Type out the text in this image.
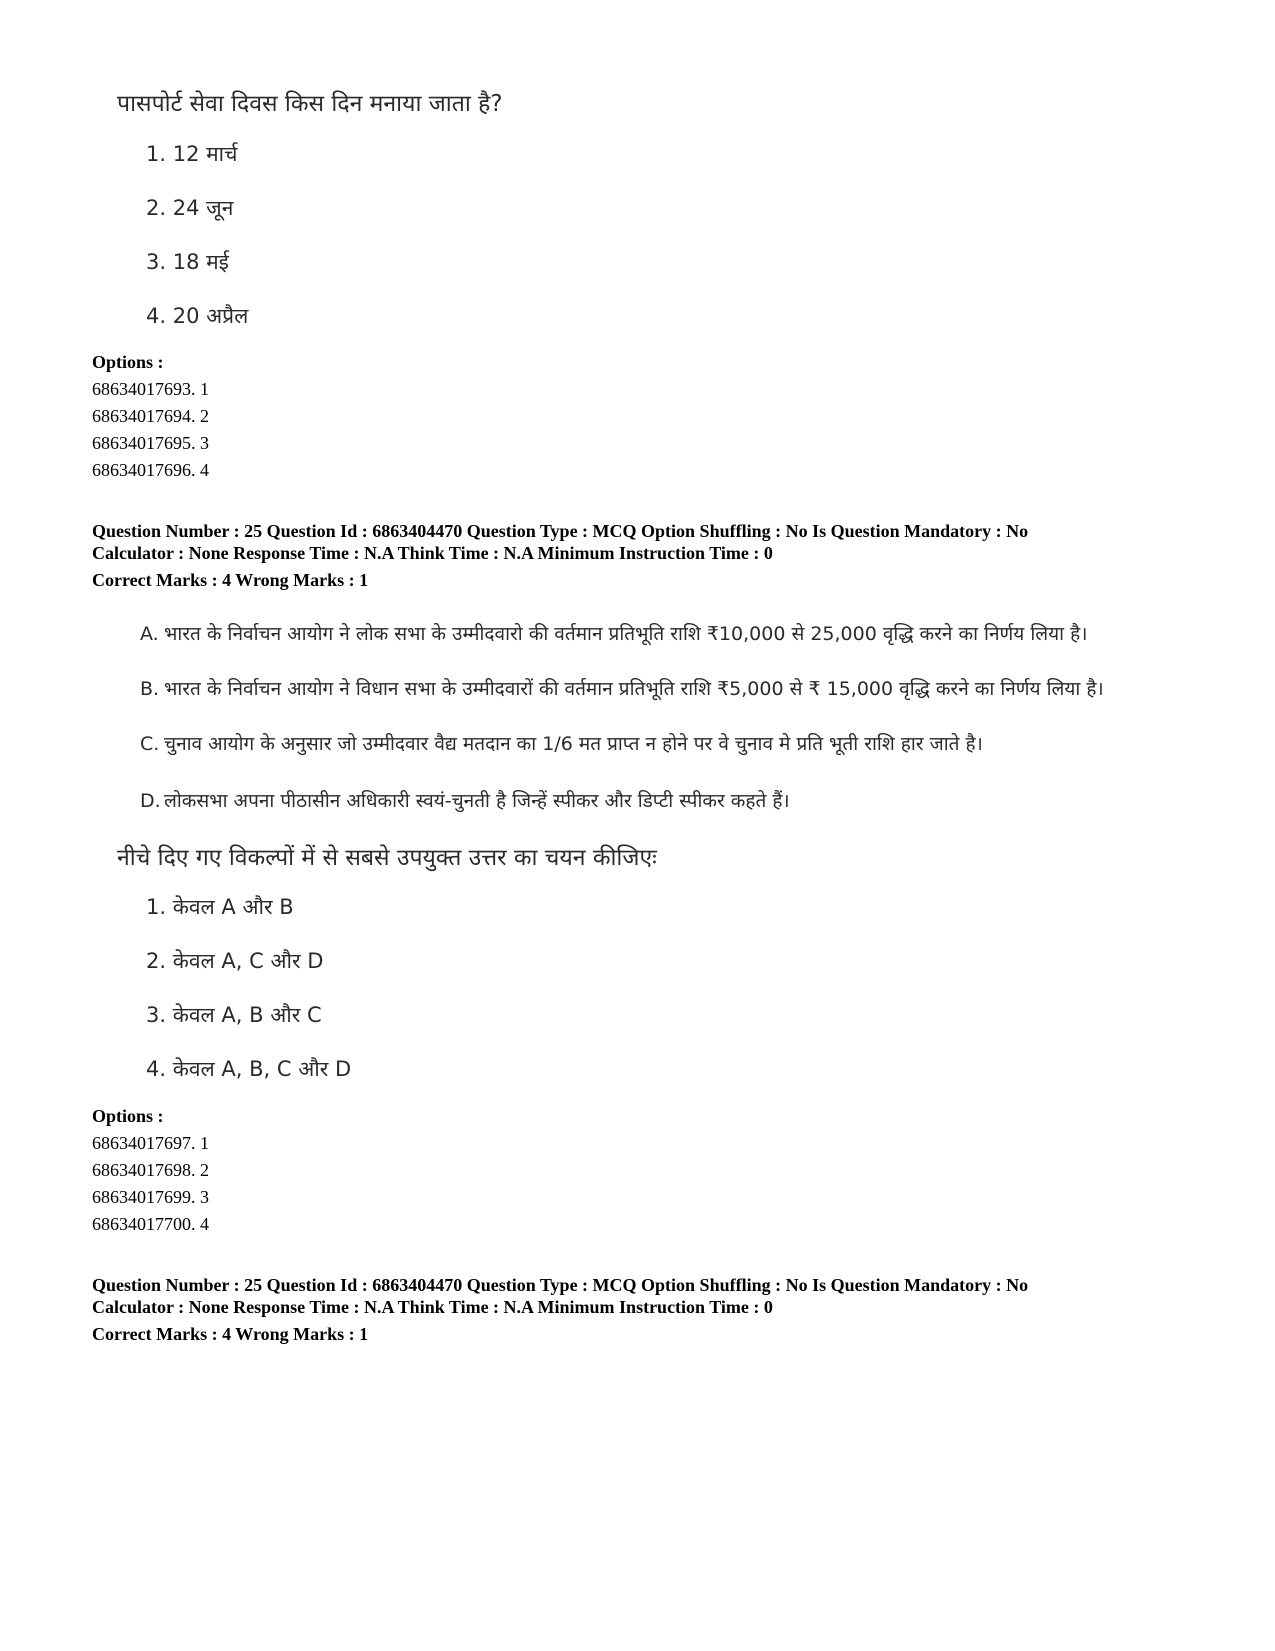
पासपोर्ट सेवा दिवस किस दिन मनाया जाता है?
1. 12 मार्च
2. 24 जून
3. 18 मई
4. 20 अप्रैल
Options :
68634017693. 1
68634017694. 2
68634017695. 3
68634017696. 4
Question Number : 25 Question Id : 6863404470 Question Type : MCQ Option Shuffling : No Is Question Mandatory : No
Calculator : None Response Time : N.A Think Time : N.A Minimum Instruction Time : 0
Correct Marks : 4 Wrong Marks : 1
A. भारत के निर्वाचन आयोग ने लोक सभा के उम्मीदवारो की वर्तमान प्रतिभूति राशि ₹10,000 से 25,000 वृद्धि करने का निर्णय लिया है।
B. भारत के निर्वाचन आयोग ने विधान सभा के उम्मीदवारों की वर्तमान प्रतिभूति राशि ₹5,000 से ₹ 15,000 वृद्धि करने का निर्णय लिया है।
C. चुनाव आयोग के अनुसार जो उम्मीदवार वैद्य मतदान का 1/6 मत प्राप्त न होने पर वे चुनाव मे प्रति भूती राशि हार जाते है।
D. लोकसभा अपना पीठासीन अधिकारी स्वयं-चुनती है जिन्हें स्पीकर और डिप्टी स्पीकर कहते हैं।
नीचे दिए गए विकल्पों में से सबसे उपयुक्त उत्तर का चयन कीजिएः
1. केवल A और B
2. केवल A, C और D
3. केवल A, B और C
4. केवल A, B, C और D
Options :
68634017697. 1
68634017698. 2
68634017699. 3
68634017700. 4
Question Number : 25 Question Id : 6863404470 Question Type : MCQ Option Shuffling : No Is Question Mandatory : No
Calculator : None Response Time : N.A Think Time : N.A Minimum Instruction Time : 0
Correct Marks : 4 Wrong Marks : 1
